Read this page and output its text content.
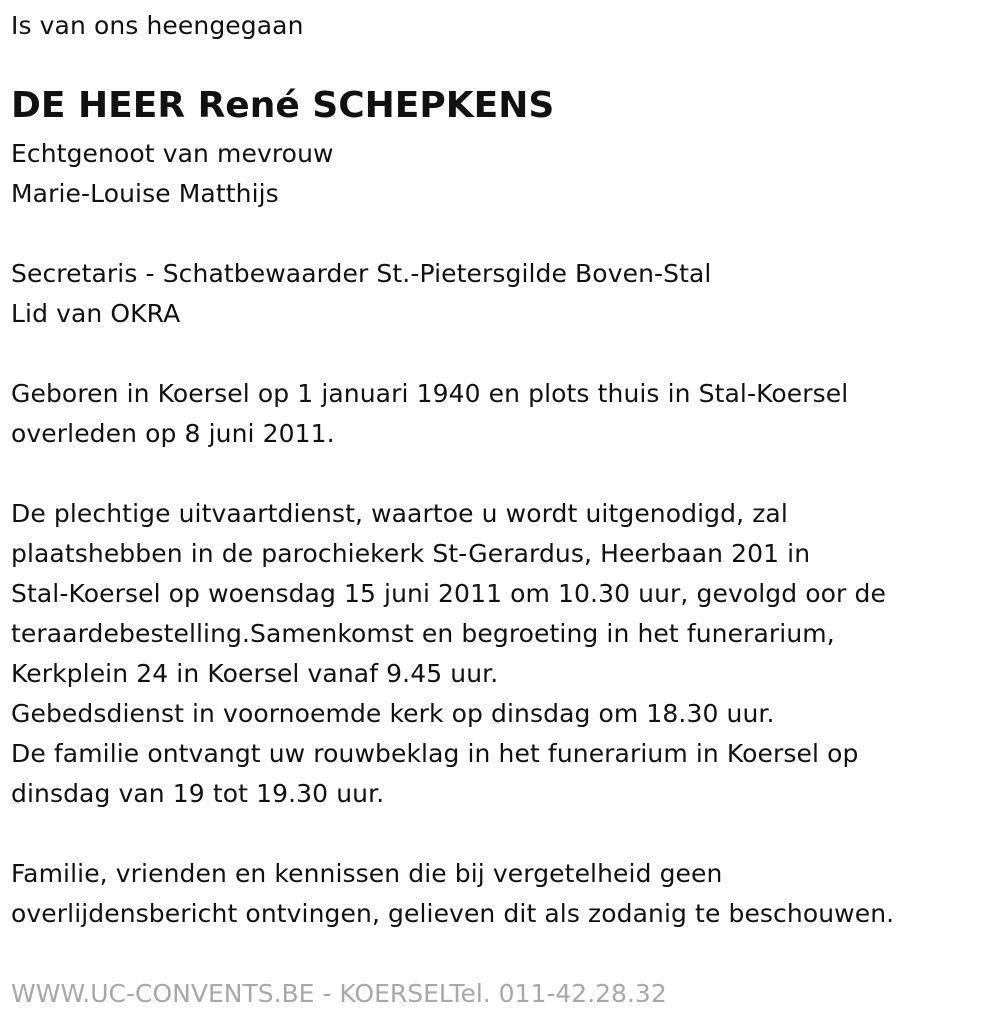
Is van ons heengegaan
DE HEER René SCHEPKENS
Echtgenoot van mevrouw
Marie-Louise Matthijs
Secretaris - Schatbewaarder St.-Pietersgilde Boven-Stal
Lid van OKRA
Geboren in Koersel op 1 januari 1940 en plots thuis in Stal-Koersel
overleden op 8 juni 2011.
De plechtige uitvaartdienst, waartoe u wordt uitgenodigd, zal
plaatshebben in de parochiekerk St-Gerardus, Heerbaan 201 in
Stal-Koersel op woensdag 15 juni 2011 om 10.30 uur, gevolgd oor de
teraardebestelling.Samenkomst en begroeting in het funerarium,
Kerkplein 24 in Koersel vanaf 9.45 uur.
Gebedsdienst in voornoemde kerk op dinsdag om 18.30 uur.
De familie ontvangt uw rouwbeklag in het funerarium in Koersel op
dinsdag van 19 tot 19.30 uur.
Familie, vrienden en kennissen die bij vergetelheid geen
overlijdensbericht ontvingen, gelieven dit als zodanig te beschouwen.
WWW.UC-CONVENTS.BE - KOERSELTel. 011-42.28.32
